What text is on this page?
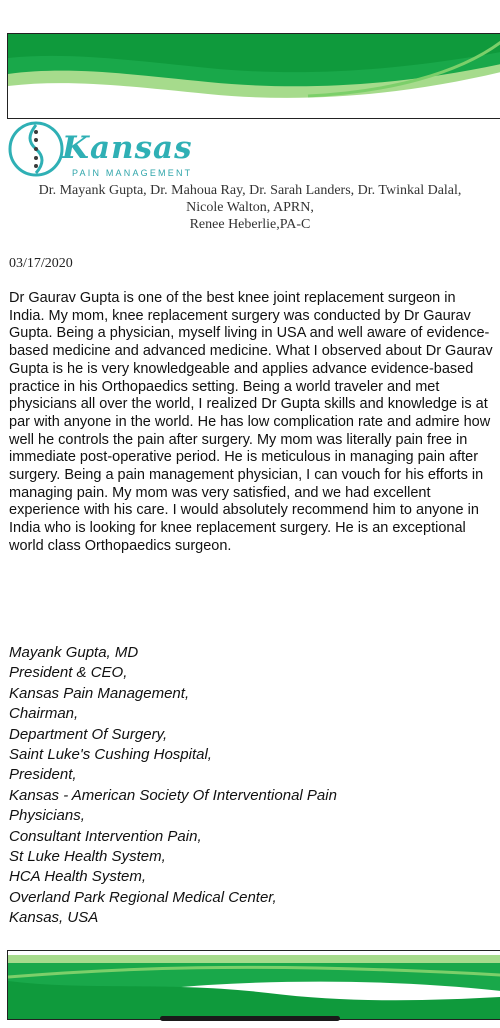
Kansas
PAIN MANAGEMENT
Dr. Mayank Gupta, Dr. Mahoua Ray, Dr. Sarah Landers, Dr. Twinkal Dalal,
Nicole Walton, APRN,
Renee Heberlie,PA-C
03/17/2020

Dr Gaurav Gupta is one of the best knee joint replacement surgeon in India. My mom, knee replacement surgery was conducted by Dr Gaurav Gupta. Being a physician, myself living in USA and well aware of evidence-based medicine and advanced medicine. What I observed about Dr Gaurav Gupta is he is very knowledgeable and applies advance evidence-based practice in his Orthopaedics setting. Being a world traveler and met physicians all over the world, I realized Dr Gupta skills and knowledge is at par with anyone in the world. He has low complication rate and admire how well he controls the pain after surgery. My mom was literally pain free in immediate post-operative period. He is meticulous in managing pain after surgery. Being a pain management physician, I can vouch for his efforts in managing pain. My mom was very satisfied, and we had excellent experience with his care. I would absolutely recommend him to anyone in India who is looking for knee replacement surgery. He is an exceptional world class Orthopaedics surgeon.

Mayank Gupta, MD
President & CEO,
Kansas Pain Management,
Chairman,
Department Of Surgery,
Saint Luke's Cushing Hospital,
President,
Kansas - American Society Of Interventional Pain
Physicians,
Consultant Intervention Pain,
St Luke Health System,
HCA Health System,
Overland Park Regional Medical Center,
Kansas, USA
